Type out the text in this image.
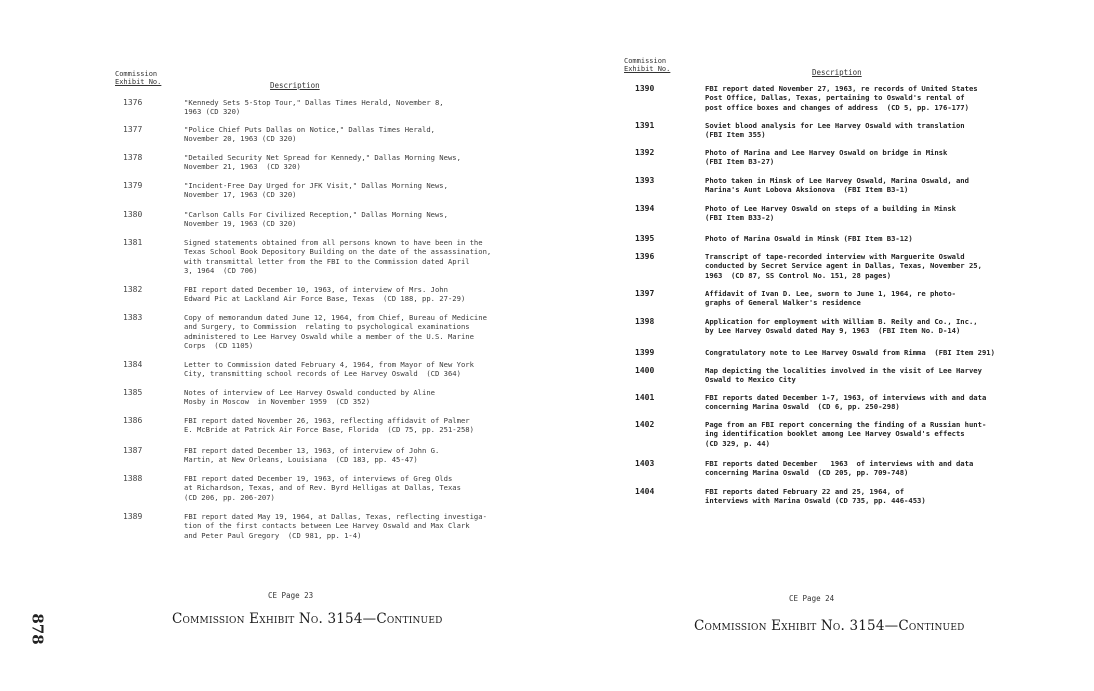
Commission
Exhibit No.	Description
1376	"Kennedy Sets 5-Stop Tour," Dallas Times Herald, November 8,
1963 (CD 320)
1377	"Police Chief Puts Dallas on Notice," Dallas Times Herald,
November 20, 1963 (CD 320)
1378	"Detailed Security Net Spread for Kennedy," Dallas Morning News,
November 21, 1963  (CD 320)
1379	"Incident-Free Day Urged for JFK Visit," Dallas Morning News,
November 17, 1963 (CD 320)
1380	"Carlson Calls For Civilized Reception," Dallas Morning News,
November 19, 1963 (CD 320)
1381	Signed statements obtained from all persons known to have been in the
Texas School Book Depository Building on the date of the assassination,
with transmittal letter from the FBI to the Commission dated April
3, 1964  (CD 706)
1382	FBI report dated December 10, 1963, of interview of Mrs. John
Edward Pic at Lackland Air Force Base, Texas  (CD 188, pp. 27-29)
1383	Copy of memorandum dated June 12, 1964, from Chief, Bureau of Medicine
and Surgery, to Commission  relating to psychological examinations
administered to Lee Harvey Oswald while a member of the U.S. Marine
Corps  (CD 1105)
1384	Letter to Commission dated February 4, 1964, from Mayor of New York
City, transmitting school records of Lee Harvey Oswald  (CD 364)
1385	Notes of interview of Lee Harvey Oswald conducted by Aline
Mosby in Moscow  in November 1959  (CD 352)
1386	FBI report dated November 26, 1963, reflecting affidavit of Palmer
E. McBride at Patrick Air Force Base, Florida  (CD 75, pp. 251-258)
1387	FBI report dated December 13, 1963, of interview of John G.
Martin, at New Orleans, Louisiana  (CD 183, pp. 45-47)
1388	FBI report dated December 19, 1963, of interviews of Greg Olds
at Richardson, Texas, and of Rev. Byrd Helligas at Dallas, Texas
(CD 206, pp. 206-207)
1389	FBI report dated May 19, 1964, at Dallas, Texas, reflecting investiga-
tion of the first contacts between Lee Harvey Oswald and Max Clark
and Peter Paul Gregory  (CD 981, pp. 1-4)
CE Page 23
Commission Exhibit No. 3154—Continued
878
Commission
Exhibit No.	Description
1390	FBI report dated November 27, 1963, re records of United States
Post Office, Dallas, Texas, pertaining to Oswald's rental of
post office boxes and changes of address  (CD 5, pp. 176-177)
1391	Soviet blood analysis for Lee Harvey Oswald with translation
(FBI Item 355)
1392	Photo of Marina and Lee Harvey Oswald on bridge in Minsk
(FBI Item B3-27)
1393	Photo taken in Minsk of Lee Harvey Oswald, Marina Oswald, and
Marina's Aunt Lobova Aksionova  (FBI Item B3-1)
1394	Photo of Lee Harvey Oswald on steps of a building in Minsk
(FBI Item B33-2)
1395	Photo of Marina Oswald in Minsk (FBI Item B3-12)
1396	Transcript of tape-recorded interview with Marguerite Oswald
conducted by Secret Service agent in Dallas, Texas, November 25,
1963  (CD 87, SS Control No. 151, 28 pages)
1397	Affidavit of Ivan D. Lee, sworn to June 1, 1964, re photo-
graphs of General Walker's residence
1398	Application for employment with William B. Reily and Co., Inc.,
by Lee Harvey Oswald dated May 9, 1963  (FBI Item No. D-14)
1399	Congratulatory note to Lee Harvey Oswald from Rimma  (FBI Item 291)
1400	Map depicting the localities involved in the visit of Lee Harvey
Oswald to Mexico City
1401	FBI reports dated December 1-7, 1963, of interviews with and data
concerning Marina Oswald  (CD 6, pp. 250-298)
1402	Page from an FBI report concerning the finding of a Russian hunt-
ing identification booklet among Lee Harvey Oswald's effects
(CD 329, p. 44)
1403	FBI reports dated December   1963  of interviews with and data
concerning Marina Oswald  (CD 205, pp. 709-748)
1404	FBI reports dated February 22 and 25, 1964, of
interviews with Marina Oswald (CD 735, pp. 446-453)
CE Page 24
Commission Exhibit No. 3154—Continued
